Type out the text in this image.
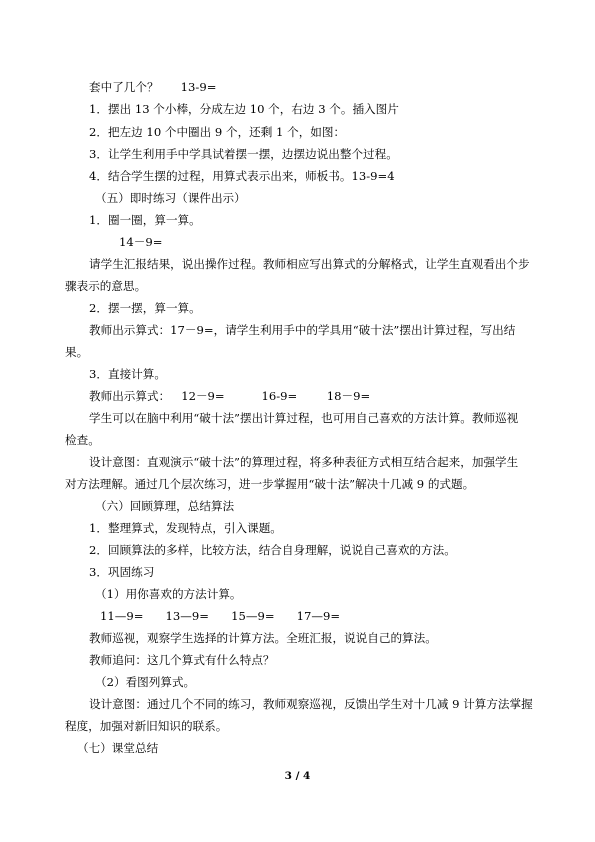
套中了几个？      13-9=
1．摆出 13 个小棒，分成左边 10 个，右边 3 个。插入图片
2．把左边 10 个中圈出 9 个，还剩 1 个，如图：
3．让学生利用手中学具试着摆一摆，边摆边说出整个过程。
4．结合学生摆的过程，用算式表示出来，师板书。13-9=4
（五）即时练习（课件出示）
1．圈一圈，算一算。
14－9=
请学生汇报结果，说出操作过程。教师相应写出算式的分解格式，让学生直观看出个步
骤表示的意思。
2．摆一摆，算一算。
教师出示算式：17－9=，请学生利用手中的学具用“破十法”摆出计算过程，写出结
果。
3．直接计算。
教师出示算式：   12－9=          16-9=        18－9=
学生可以在脑中利用“破十法”摆出计算过程，也可用自己喜欢的方法计算。教师巡视
检查。
设计意图：直观演示“破十法”的算理过程，将多种表征方式相互结合起来，加强学生
对方法理解。通过几个层次练习，进一步掌握用“破十法”解决十几减 9 的式题。
（六）回顾算理，总结算法
1．整理算式，发现特点，引入课题。
2．回顾算法的多样，比较方法，结合自身理解，说说自己喜欢的方法。
3．巩固练习
（1）用你喜欢的方法计算。
11—9=      13—9=      15—9=      17—9=
教师巡视，观察学生选择的计算方法。全班汇报，说说自己的算法。
教师追问：这几个算式有什么特点？
（2）看图列算式。
设计意图：通过几个不同的练习，教师观察巡视，反馈出学生对十几减 9 计算方法掌握
程度，加强对新旧知识的联系。
（七）课堂总结
3 / 4
